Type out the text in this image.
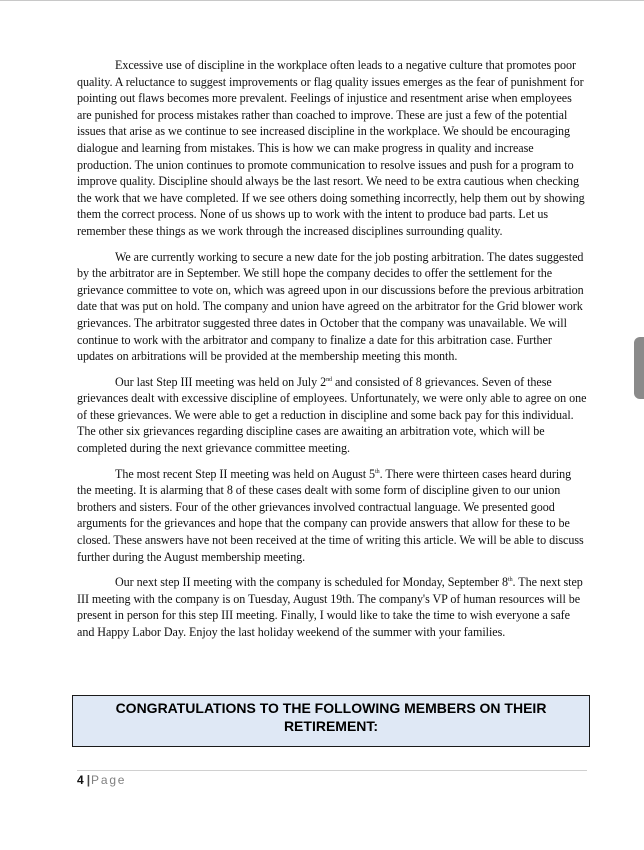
Excessive use of discipline in the workplace often leads to a negative culture that promotes poor quality. A reluctance to suggest improvements or flag quality issues emerges as the fear of punishment for pointing out flaws becomes more prevalent. Feelings of injustice and resentment arise when employees are punished for process mistakes rather than coached to improve. These are just a few of the potential issues that arise as we continue to see increased discipline in the workplace. We should be encouraging dialogue and learning from mistakes. This is how we can make progress in quality and increase production. The union continues to promote communication to resolve issues and push for a program to improve quality. Discipline should always be the last resort. We need to be extra cautious when checking the work that we have completed. If we see others doing something incorrectly, help them out by showing them the correct process. None of us shows up to work with the intent to produce bad parts. Let us remember these things as we work through the increased disciplines surrounding quality.

We are currently working to secure a new date for the job posting arbitration. The dates suggested by the arbitrator are in September. We still hope the company decides to offer the settlement for the grievance committee to vote on, which was agreed upon in our discussions before the previous arbitration date that was put on hold. The company and union have agreed on the arbitrator for the Grid blower work grievances. The arbitrator suggested three dates in October that the company was unavailable. We will continue to work with the arbitrator and company to finalize a date for this arbitration case. Further updates on arbitrations will be provided at the membership meeting this month.

Our last Step III meeting was held on July 2nd and consisted of 8 grievances. Seven of these grievances dealt with excessive discipline of employees. Unfortunately, we were only able to agree on one of these grievances. We were able to get a reduction in discipline and some back pay for this individual. The other six grievances regarding discipline cases are awaiting an arbitration vote, which will be completed during the next grievance committee meeting.

The most recent Step II meeting was held on August 5th. There were thirteen cases heard during the meeting. It is alarming that 8 of these cases dealt with some form of discipline given to our union brothers and sisters. Four of the other grievances involved contractual language. We presented good arguments for the grievances and hope that the company can provide answers that allow for these to be closed. These answers have not been received at the time of writing this article. We will be able to discuss further during the August membership meeting.

Our next step II meeting with the company is scheduled for Monday, September 8th. The next step III meeting with the company is on Tuesday, August 19th. The company's VP of human resources will be present in person for this step III meeting. Finally, I would like to take the time to wish everyone a safe and Happy Labor Day. Enjoy the last holiday weekend of the summer with your families.

CONGRATULATIONS TO THE FOLLOWING MEMBERS ON THEIR
RETIREMENT:
4 |Page
